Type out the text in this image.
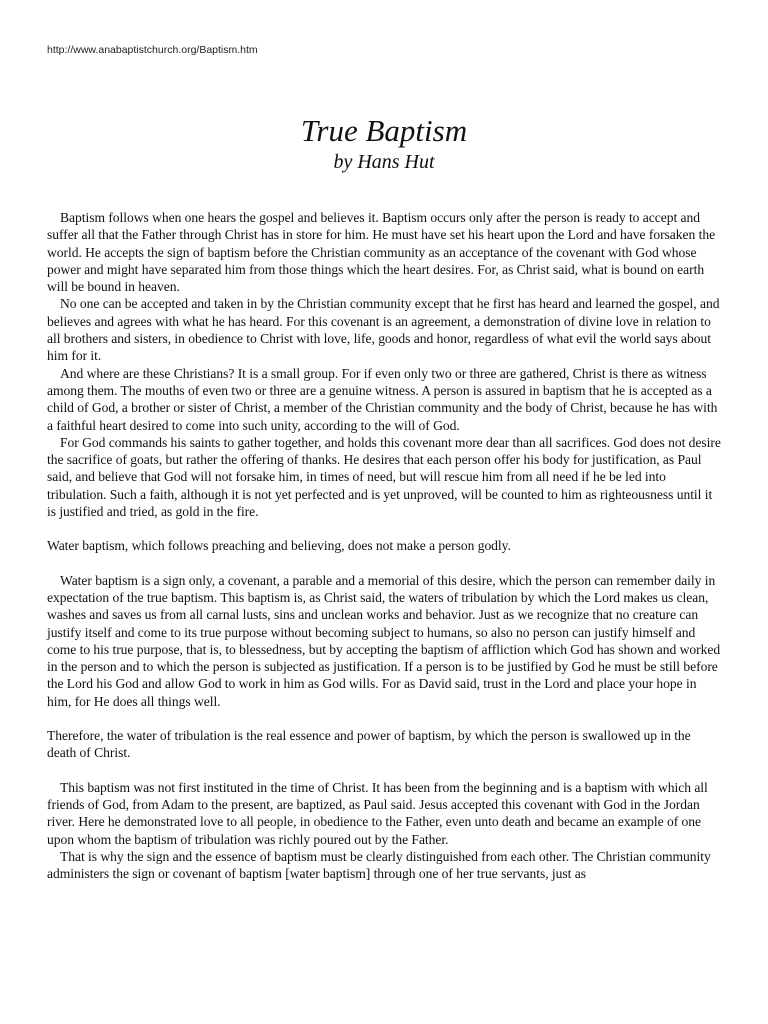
http://www.anabaptistchurch.org/Baptism.htm
True Baptism
by Hans Hut

Baptism follows when one hears the gospel and believes it. Baptism occurs only after the person is ready to accept and suffer all that the Father through Christ has in store for him. He must have set his heart upon the Lord and have forsaken the world. He accepts the sign of baptism before the Christian community as an acceptance of the covenant with God whose power and might have separated him from those things which the heart desires. For, as Christ said, what is bound on earth will be bound in heaven.

No one can be accepted and taken in by the Christian community except that he first has heard and learned the gospel, and believes and agrees with what he has heard. For this covenant is an agreement, a demonstration of divine love in relation to all brothers and sisters, in obedience to Christ with love, life, goods and honor, regardless of what evil the world says about him for it.

And where are these Christians? It is a small group. For if even only two or three are gathered, Christ is there as witness among them. The mouths of even two or three are a genuine witness. A person is assured in baptism that he is accepted as a child of God, a brother or sister of Christ, a member of the Christian community and the body of Christ, because he has with a faithful heart desired to come into such unity, according to the will of God.

For God commands his saints to gather together, and holds this covenant more dear than all sacrifices. God does not desire the sacrifice of goats, but rather the offering of thanks. He desires that each person offer his body for justification, as Paul said, and believe that God will not forsake him, in times of need, but will rescue him from all need if he be led into tribulation. Such a faith, although it is not yet perfected and is yet unproved, will be counted to him as righteousness until it is justified and tried, as gold in the fire.

Water baptism, which follows preaching and believing, does not make a person godly.

Water baptism is a sign only, a covenant, a parable and a memorial of this desire, which the person can remember daily in expectation of the true baptism. This baptism is, as Christ said, the waters of tribulation by which the Lord makes us clean, washes and saves us from all carnal lusts, sins and unclean works and behavior. Just as we recognize that no creature can justify itself and come to its true purpose without becoming subject to humans, so also no person can justify himself and come to his true purpose, that is, to blessedness, but by accepting the baptism of affliction which God has shown and worked in the person and to which the person is subjected as justification. If a person is to be justified by God he must be still before the Lord his God and allow God to work in him as God wills. For as David said, trust in the Lord and place your hope in him, for He does all things well.

Therefore, the water of tribulation is the real essence and power of baptism, by which the person is swallowed up in the death of Christ.

This baptism was not first instituted in the time of Christ. It has been from the beginning and is a baptism with which all friends of God, from Adam to the present, are baptized, as Paul said. Jesus accepted this covenant with God in the Jordan river. Here he demonstrated love to all people, in obedience to the Father, even unto death and became an example of one upon whom the baptism of tribulation was richly poured out by the Father.

That is why the sign and the essence of baptism must be clearly distinguished from each other. The Christian community administers the sign or covenant of baptism [water baptism] through one of her true servants, just as
